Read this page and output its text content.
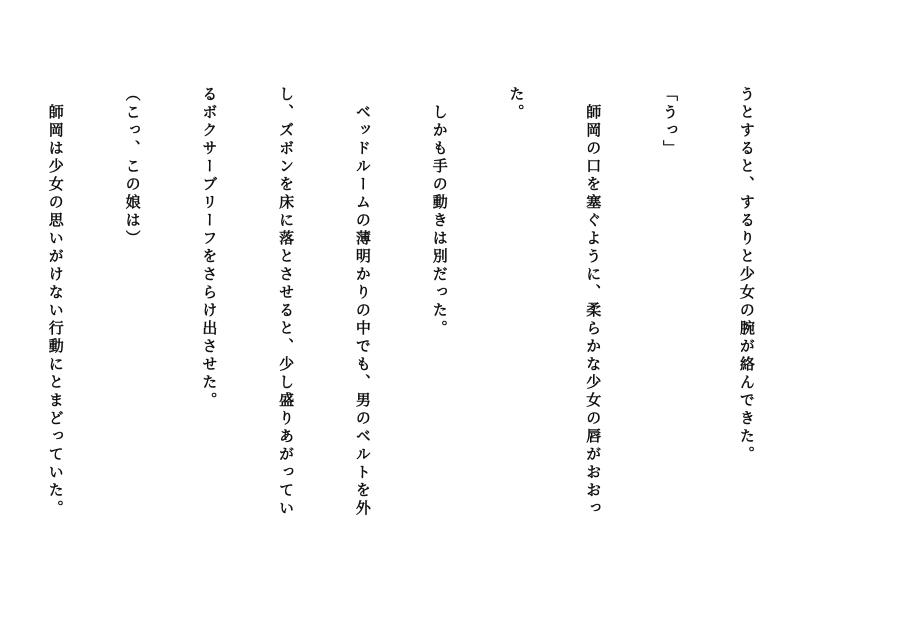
うとすると、するりと少女の腕が絡んできた。

「うっ」

　師岡の口を塞ぐように、柔らかな少女の唇がおおっ

た。

　しかも手の動きは別だった。

　ベッドルームの薄明かりの中でも、男のベルトを外

し、ズボンを床に落とさせると、少し盛りあがってい

るボクサーブリーフをさらけ出させた。

（こっ、この娘は）

　師岡は少女の思いがけない行動にとまどっていた。
